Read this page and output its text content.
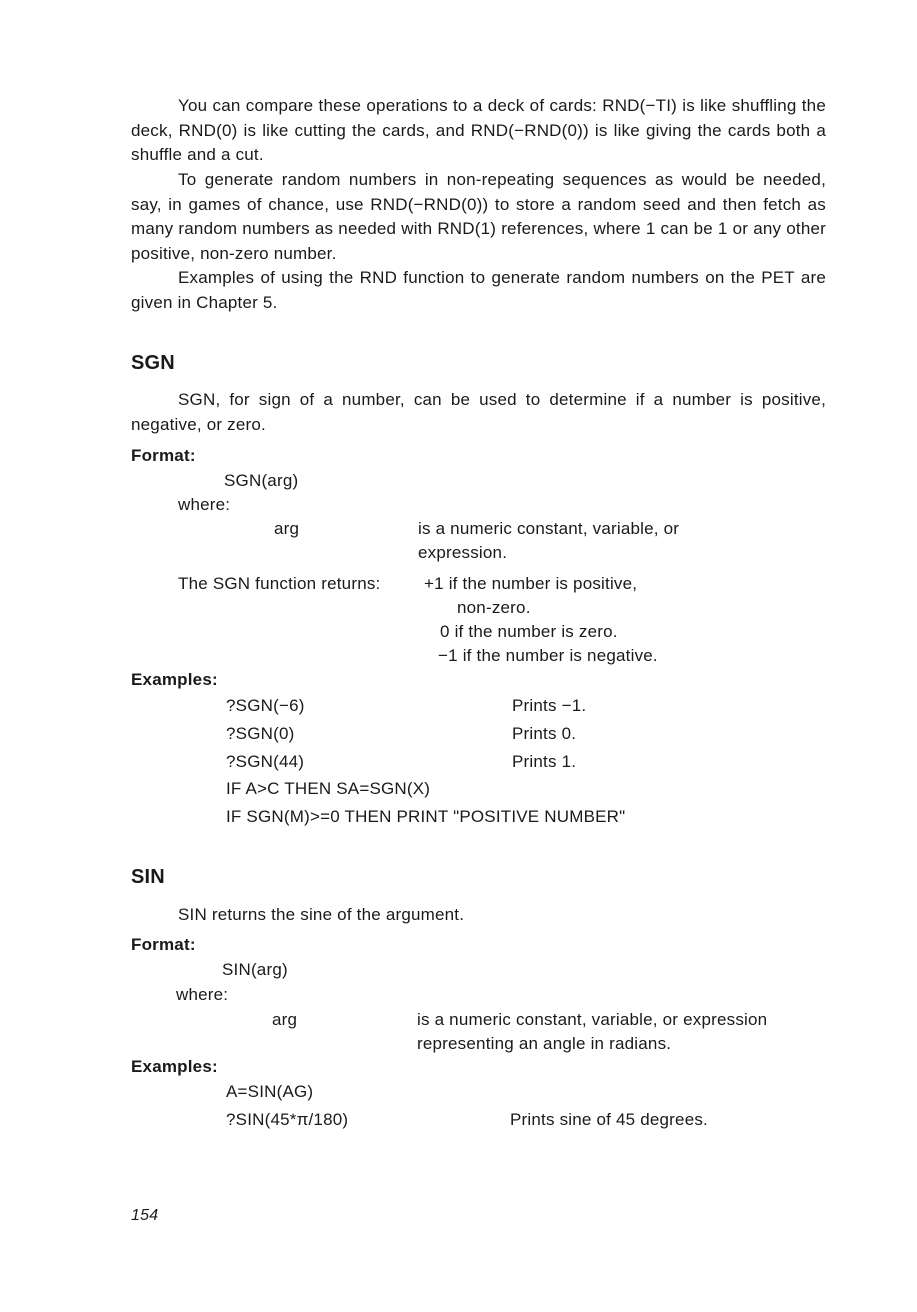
You can compare these operations to a deck of cards: RND(−TI) is like shuffling the deck, RND(0) is like cutting the cards, and RND(−RND(0)) is like giving the cards both a shuffle and a cut.

To generate random numbers in non-repeating sequences as would be needed, say, in games of chance, use RND(−RND(0)) to store a random seed and then fetch as many random numbers as needed with RND(1) references, where 1 can be 1 or any other positive, non-zero number.

Examples of using the RND function to generate random numbers on the PET are given in Chapter 5.

SGN

SGN, for sign of a number, can be used to determine if a number is positive, negative, or zero.

Format:
SGN(arg)
where:
arg	is a numeric constant, variable, or
expression.
The SGN function returns:	+1 if the number is positive,
non-zero.
0 if the number is zero.
−1 if the number is negative.
Examples:
?SGN(−6)	Prints −1.
?SGN(0)	Prints 0.
?SGN(44)	Prints 1.
IF A>C THEN SA=SGN(X)
IF SGN(M)>=0 THEN PRINT "POSITIVE NUMBER"
SIN
SIN returns the sine of the argument.
Format:
SIN(arg)
where:
arg	is a numeric constant, variable, or expression
representing an angle in radians.
Examples:
A=SIN(AG)
?SIN(45*π/180)	Prints sine of 45 degrees.
154
